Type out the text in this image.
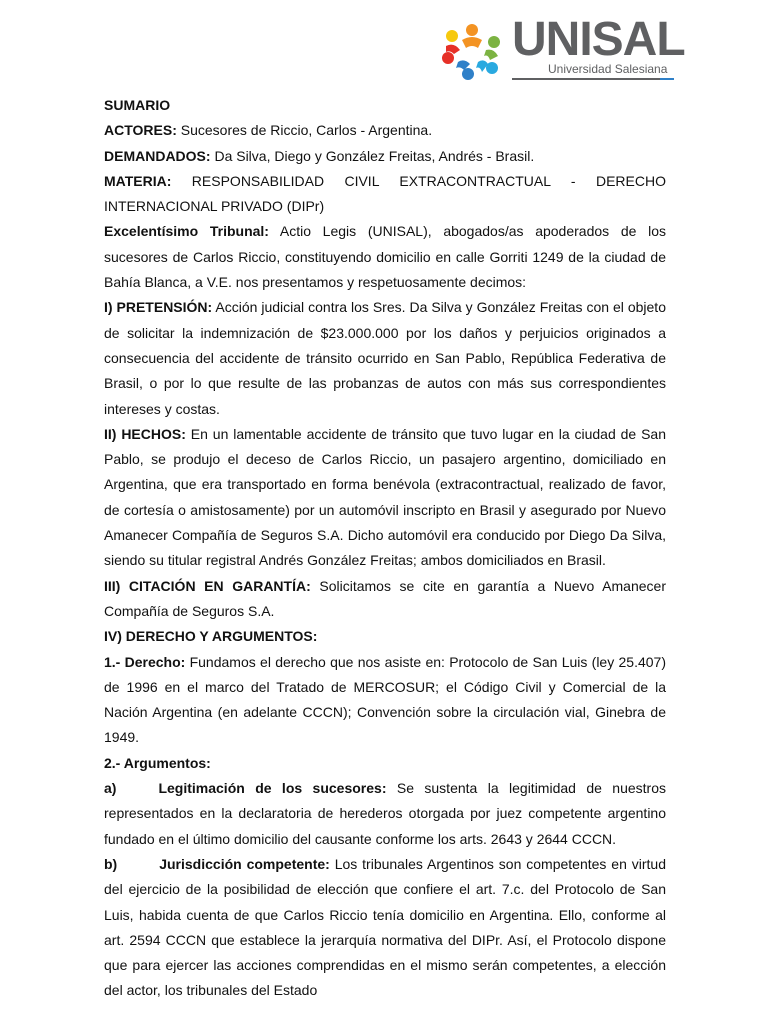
UNISAL
Universidad Salesiana

SUMARIO

ACTORES: Sucesores de Riccio, Carlos - Argentina.

DEMANDADOS: Da Silva, Diego y González Freitas, Andrés - Brasil.

MATERIA: RESPONSABILIDAD CIVIL EXTRACONTRACTUAL - DERECHO INTERNACIONAL PRIVADO (DIPr)

Excelentísimo Tribunal: Actio Legis (UNISAL), abogados/as apoderados de los sucesores de Carlos Riccio, constituyendo domicilio en calle Gorriti 1249 de la ciudad de Bahía Blanca, a V.E. nos presentamos y respetuosamente decimos:

I) PRETENSIÓN: Acción judicial contra los Sres. Da Silva y González Freitas con el objeto de solicitar la indemnización de $23.000.000 por los daños y perjuicios originados a consecuencia del accidente de tránsito ocurrido en San Pablo, República Federativa de Brasil, o por lo que resulte de las probanzas de autos con más sus correspondientes intereses y costas.

II) HECHOS: En un lamentable accidente de tránsito que tuvo lugar en la ciudad de San Pablo, se produjo el deceso de Carlos Riccio, un pasajero argentino, domiciliado en Argentina, que era transportado en forma benévola (extracontractual, realizado de favor, de cortesía o amistosamente) por un automóvil inscripto en Brasil y asegurado por Nuevo Amanecer Compañía de Seguros S.A. Dicho automóvil era conducido por Diego Da Silva, siendo su titular registral Andrés González Freitas; ambos domiciliados en Brasil.

III) CITACIÓN EN GARANTÍA: Solicitamos se cite en garantía a Nuevo Amanecer Compañía de Seguros S.A.

IV) DERECHO Y ARGUMENTOS:

1.- Derecho: Fundamos el derecho que nos asiste en: Protocolo de San Luis (ley 25.407) de 1996 en el marco del Tratado de MERCOSUR; el Código Civil y Comercial de la Nación Argentina (en adelante CCCN); Convención sobre la circulación vial, Ginebra de 1949.

2.- Argumentos:

a)	Legitimación de los sucesores: Se sustenta la legitimidad de nuestros representados en la declaratoria de herederos otorgada por juez competente argentino fundado en el último domicilio del causante conforme los arts. 2643 y 2644 CCCN.

b)	Jurisdicción competente: Los tribunales Argentinos son competentes en virtud del ejercicio de la posibilidad de elección que confiere el art. 7.c. del Protocolo de San Luis, habida cuenta de que Carlos Riccio tenía domicilio en Argentina. Ello, conforme al art. 2594 CCCN que establece la jerarquía normativa del DIPr. Así, el Protocolo dispone que para ejercer las acciones comprendidas en el mismo serán competentes, a elección del actor, los tribunales del Estado
